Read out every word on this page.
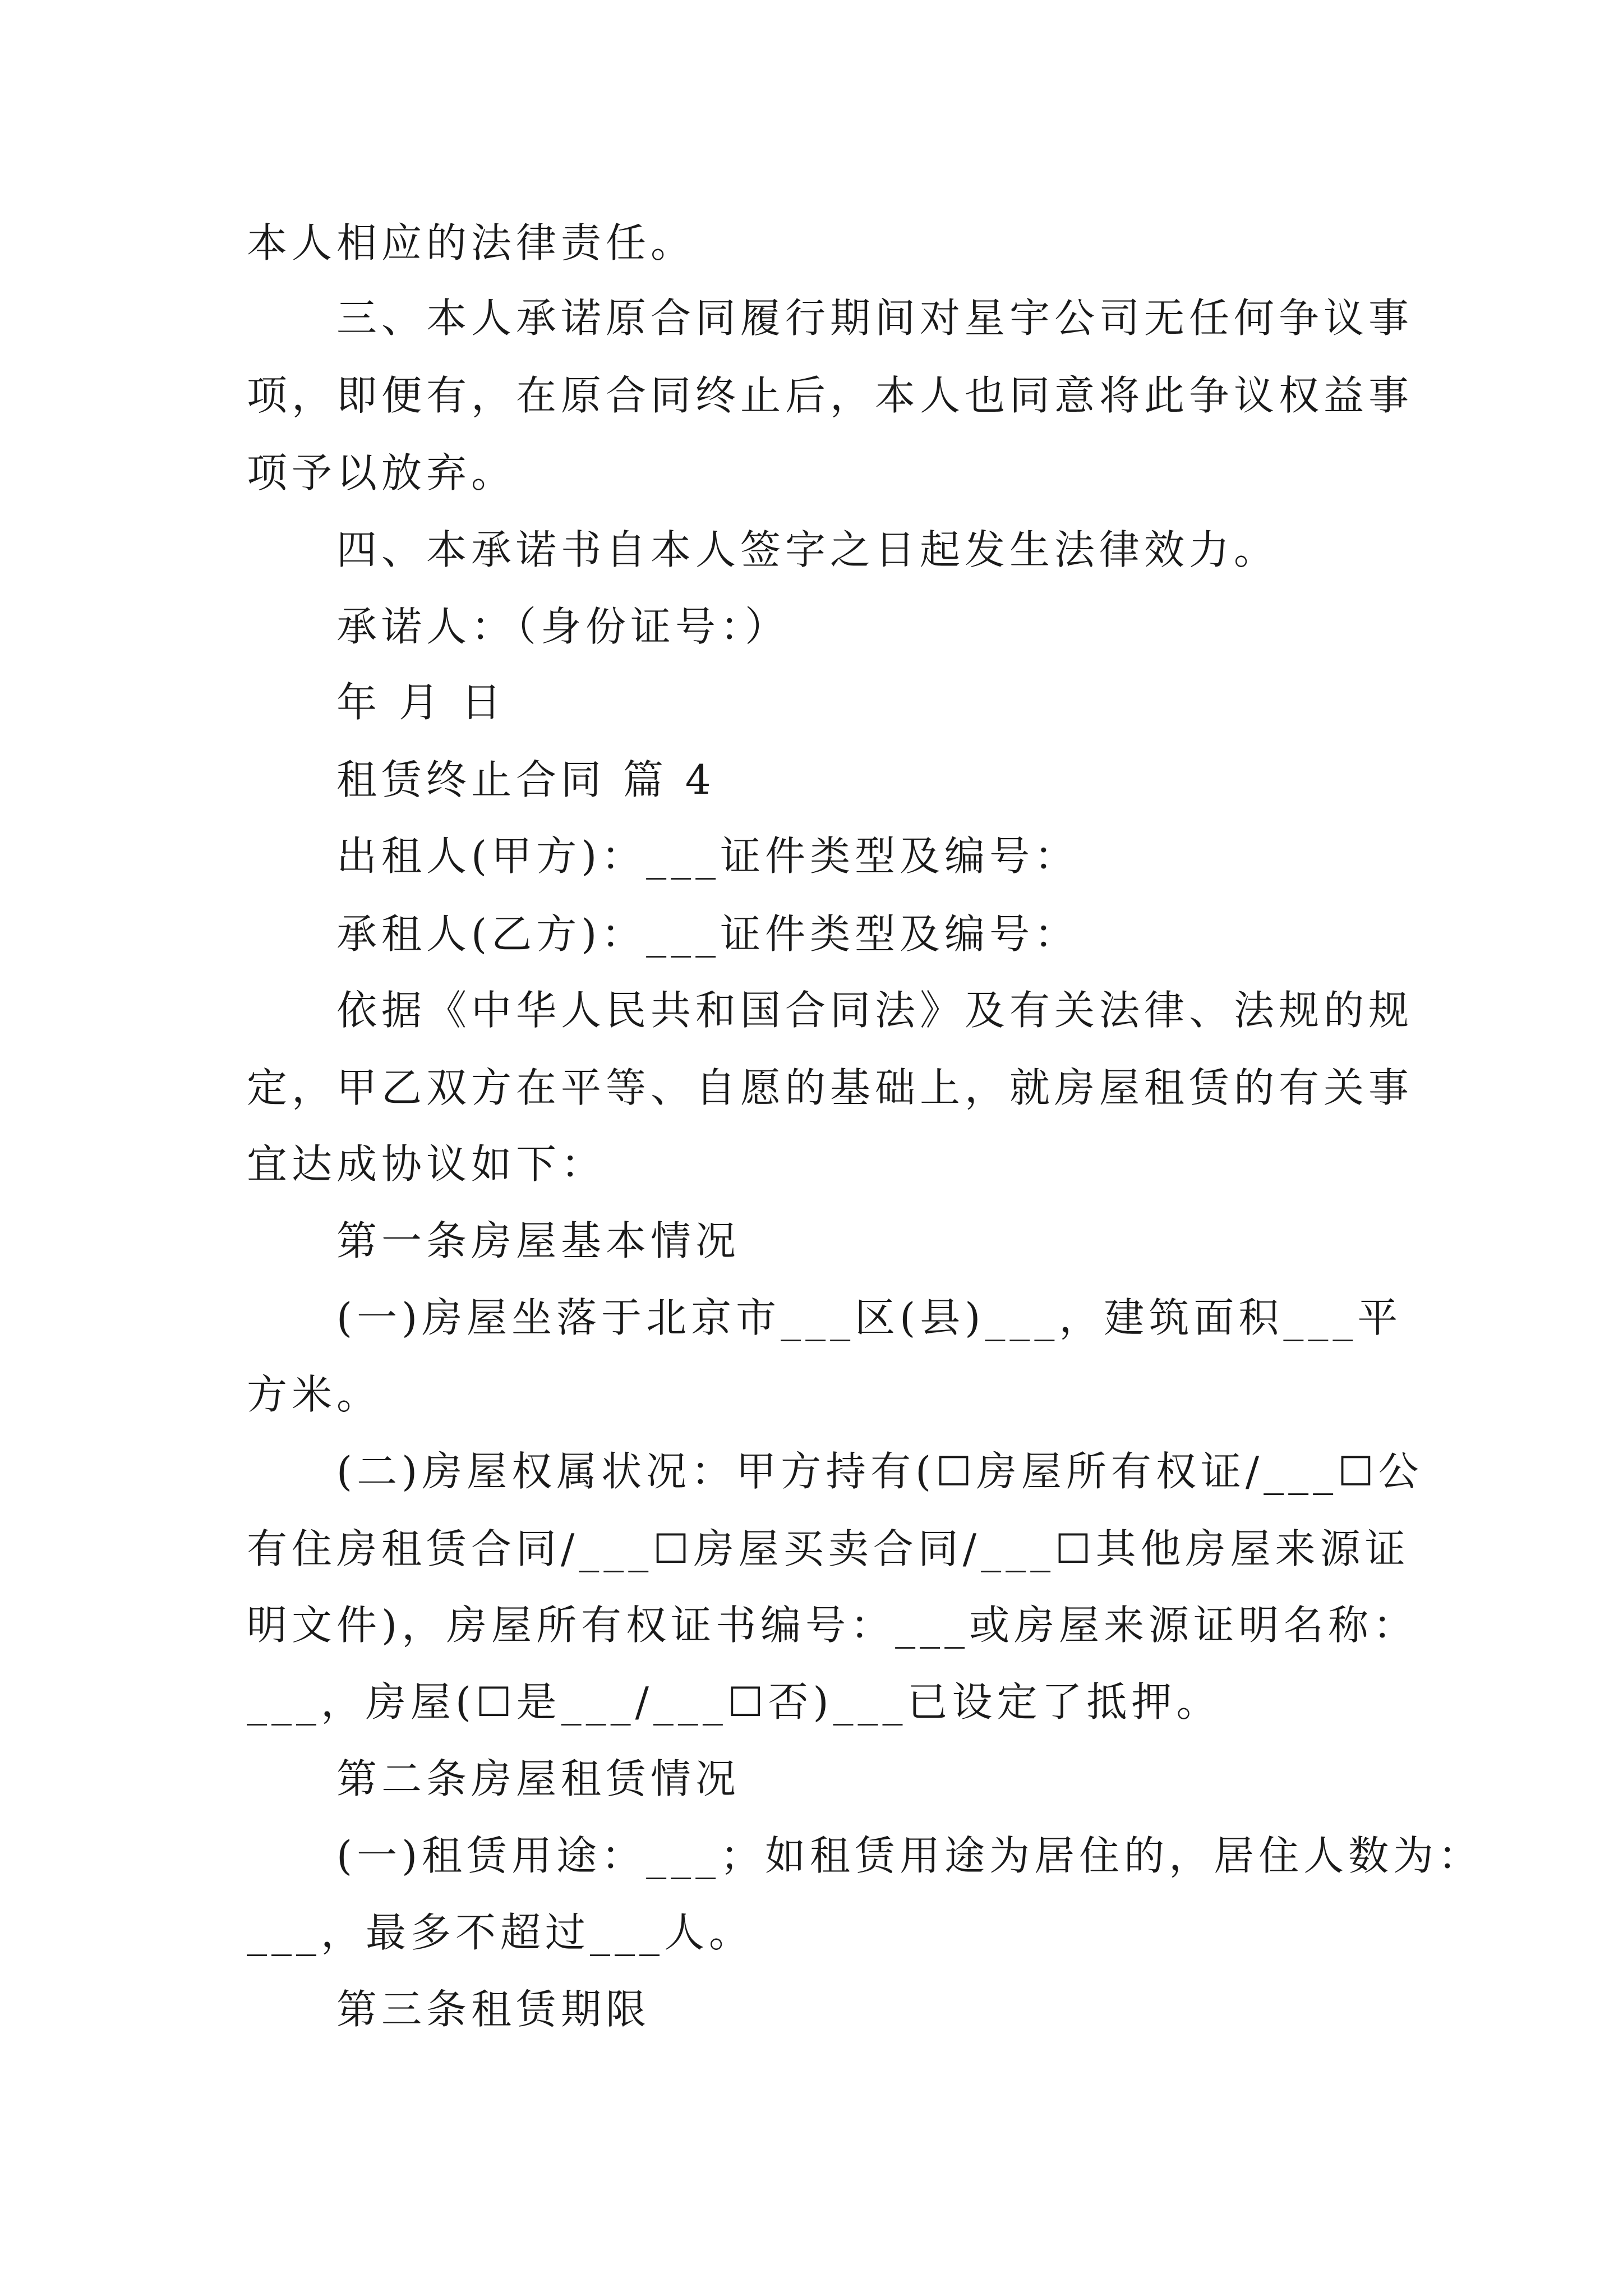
本人相应的法律责任。
三、本人承诺原合同履行期间对星宇公司无任何争议事
项，即便有，在原合同终止后，本人也同意将此争议权益事
项予以放弃。
四、本承诺书自本人签字之日起发生法律效力。
承诺人：（身份证号：）
年 月 日
租赁终止合同 篇 4
出租人(甲方)：___证件类型及编号：
承租人(乙方)：___证件类型及编号：
依据《中华人民共和国合同法》及有关法律、法规的规
定，甲乙双方在平等、自愿的基础上，就房屋租赁的有关事
宜达成协议如下：
第一条房屋基本情况
(一)房屋坐落于北京市___区(县)___，建筑面积___平
方米。
(二)房屋权属状况：甲方持有(☐房屋所有权证/___☐公
有住房租赁合同/___☐房屋买卖合同/___☐其他房屋来源证
明文件)，房屋所有权证书编号：___或房屋来源证明名称：
___，房屋(☐是___/___☐否)___已设定了抵押。
第二条房屋租赁情况
(一)租赁用途：___；如租赁用途为居住的，居住人数为：
___，最多不超过___人。
第三条租赁期限
